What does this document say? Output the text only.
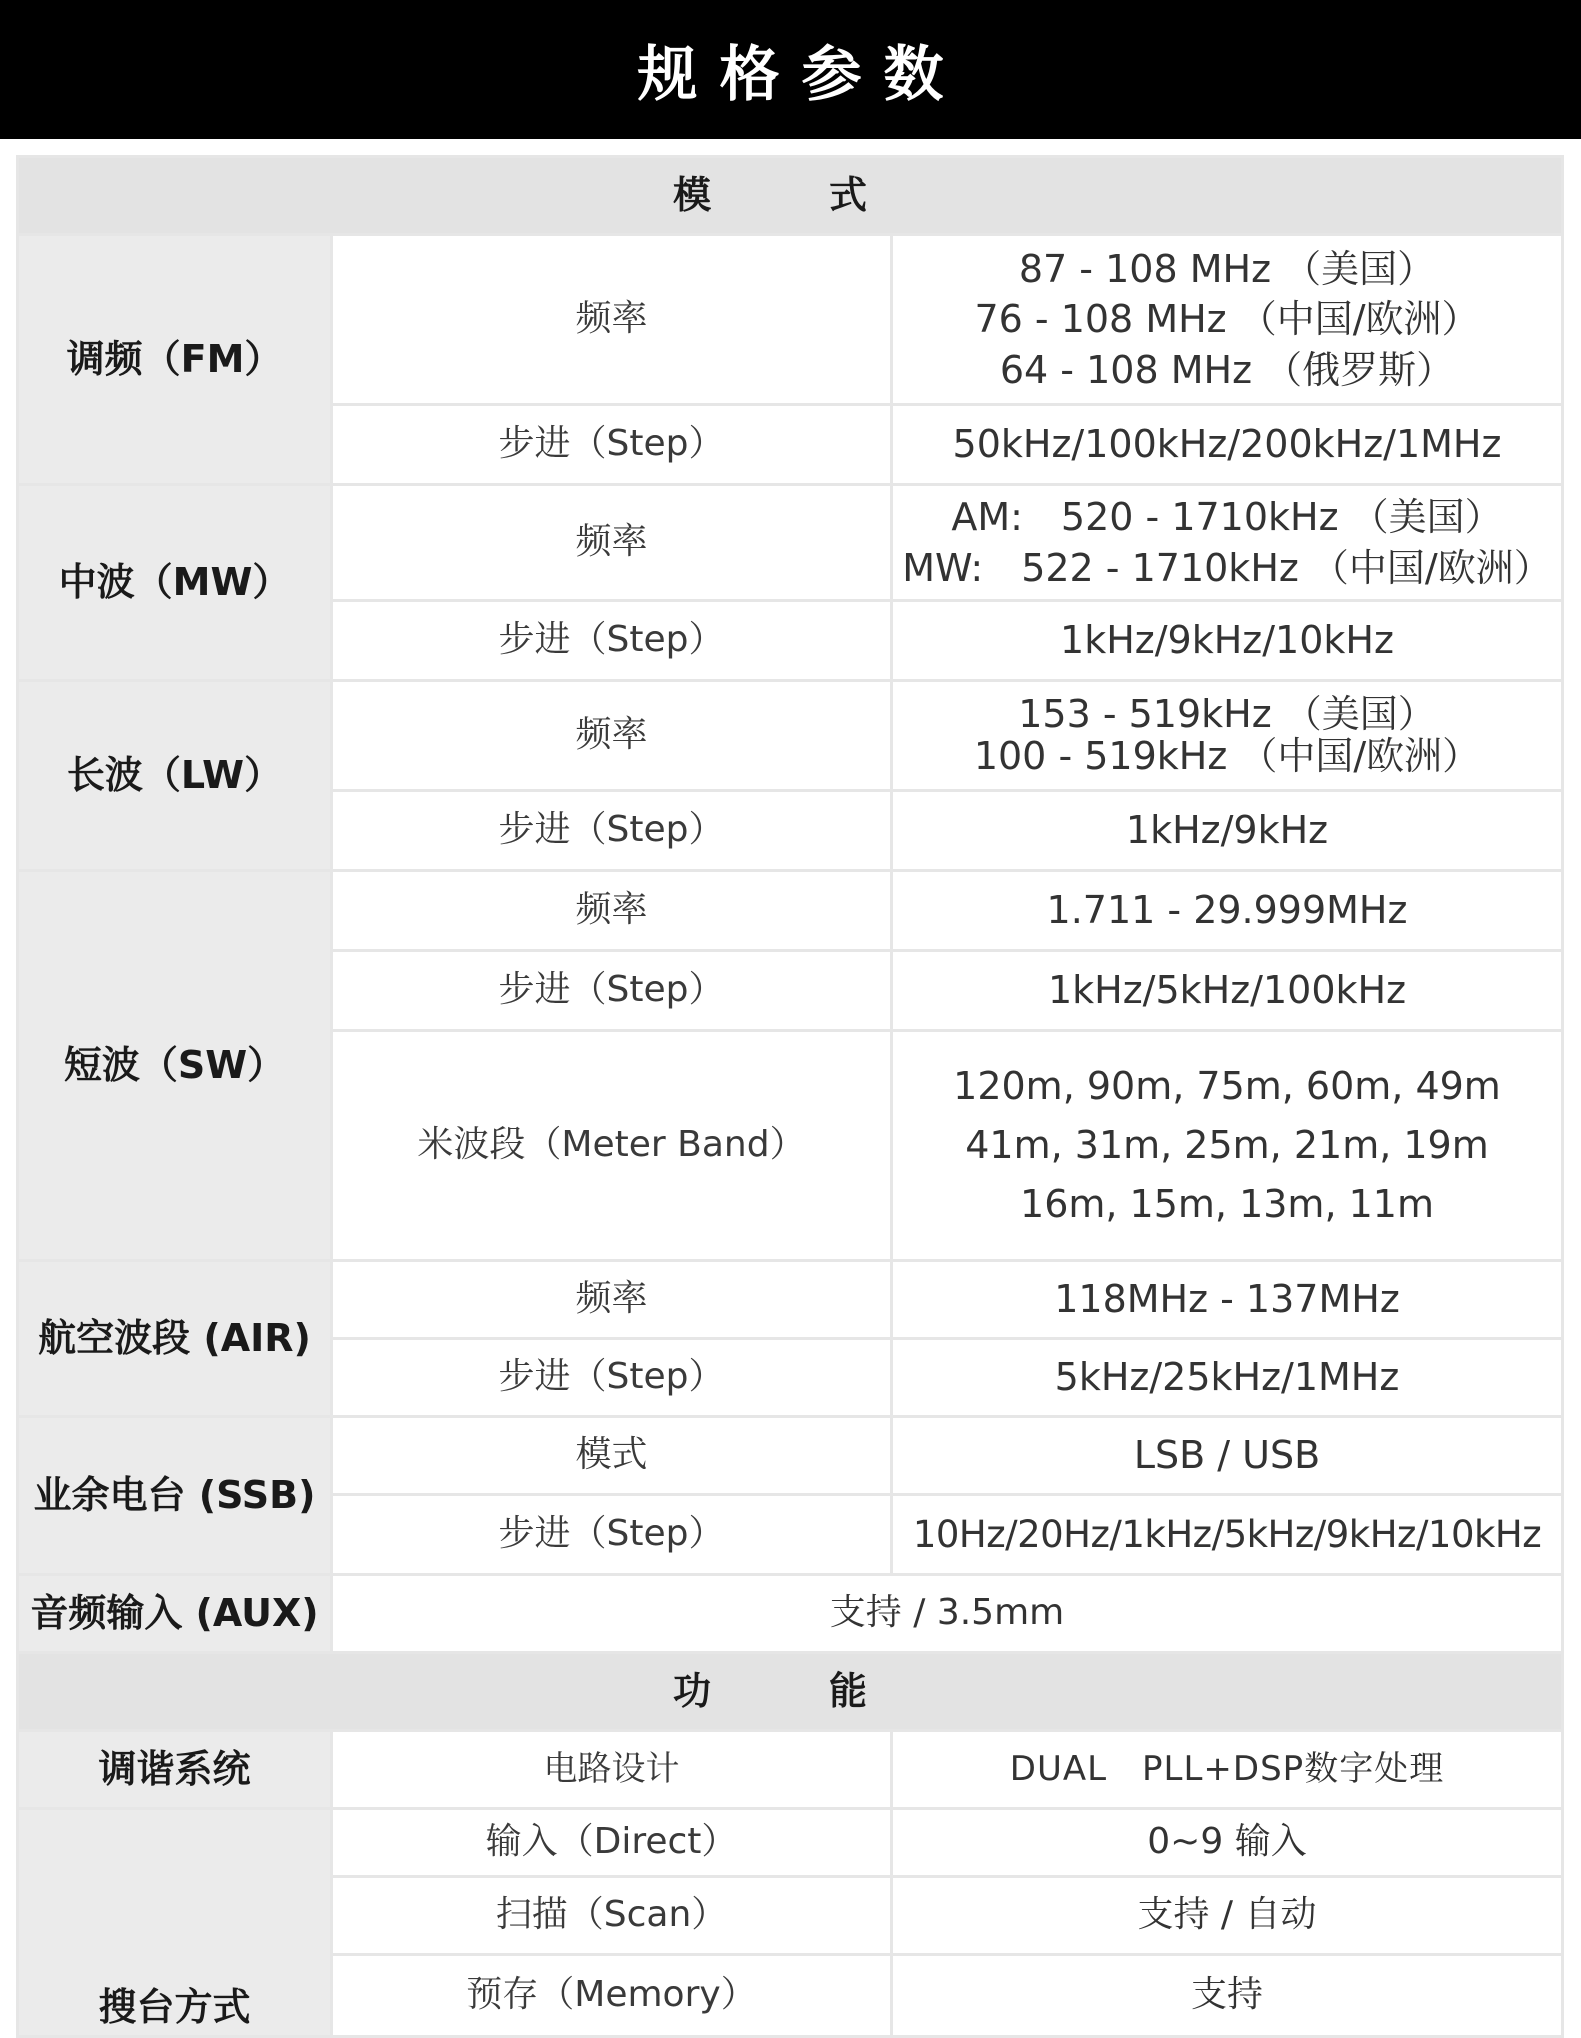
规格参数
模　式		
调频（FM）	频率	87 - 108 MHz （美国）
76 - 108 MHz （中国/欧洲）
64 - 108 MHz （俄罗斯）

	步进（Step）	50kHz/100kHz/200kHz/1MHz
中波（MW）	频率	AM:　520 - 1710kHz （美国）
MW:　522 - 1710kHz （中国/欧洲）

	步进（Step）	1kHz/9kHz/10kHz
长波（LW）	频率	153 - 519kHz （美国）
100 - 519kHz （中国/欧洲）

	步进（Step）	1kHz/9kHz
短波（SW）	频率	1.711 - 29.999MHz
	步进（Step）	1kHz/5kHz/100kHz
	米波段（Meter Band）	120m, 90m, 75m, 60m, 49m
41m, 31m, 25m, 21m, 19m
16m, 15m, 13m, 11m

航空波段 (AIR)	频率	118MHz - 137MHz
	步进（Step）	5kHz/25kHz/1MHz
业余电台 (SSB)	模式	LSB / USB
	步进（Step）	10Hz/20Hz/1kHz/5kHz/9kHz/10kHz
音频输入 (AUX)	支持 / 3.5mm	
功　能		
调谐系统	电路设计	DUAL　PLL+DSP数字处理
搜台方式	输入（Direct）	0~9 输入
	扫描（Scan）	支持 / 自动
	预存（Memory）	支持
